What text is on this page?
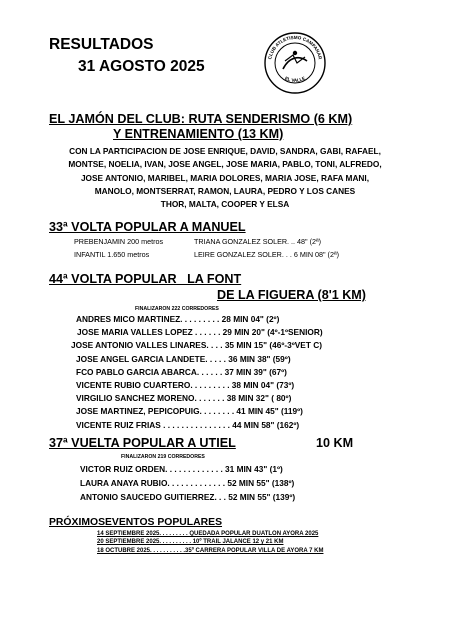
RESULTADOS
31 AGOSTO 2025
CLUB ATLETISMO CAMPANAR
EL VALLE
EL JAMÓN DEL CLUB: RUTA SENDERISMO (6 KM)
Y ENTRENAMIENTO (13 KM)
CON LA PARTICIPACION DE JOSE ENRIQUE, DAVID, SANDRA, GABI, RAFAEL,
MONTSE, NOELIA, IVAN, JOSE ANGEL, JOSE MARIA, PABLO, TONI, ALFREDO,
JOSE ANTONIO, MARIBEL, MARIA DOLORES, MARIA JOSE, RAFA MANI,
MANOLO, MONTSERRAT, RAMON, LAURA, PEDRO Y LOS CANES
THOR, MALTA, COOPER Y ELSA
33ª VOLTA POPULAR A MANUEL
PREBENJAMIN 200 metros	TRIANA GONZALEZ SOLER. .. 48" (2ª)
INFANTIL 1.650 metros	LEIRE GONZALEZ SOLER. . . 6 MIN 08" (2ª)
44ª VOLTA POPULAR   LA FONT
DE LA FIGUERA (8'1 KM)
FINALIZARON 222 CORREDORES
ANDRES MICO MARTINEZ. . . . . . . . . 28 MIN 04" (2º)
JOSE MARIA VALLES LOPEZ . . . . . . 29 MIN 20" (4º-1ºSENIOR)
JOSE ANTONIO VALLES LINARES. . . . 35 MIN 15" (46º-3ºVET C)
JOSE ANGEL GARCIA LANDETE. . . . . 36 MIN 38" (59º)
FCO PABLO GARCIA ABARCA. . . . . . 37 MIN 39" (67º)
VICENTE RUBIO CUARTERO. . . . . . . . . 38 MIN 04" (73º)
VIRGILIO SANCHEZ MORENO. . . . . . . 38 MIN 32" ( 80º)
JOSE MARTINEZ, PEPICOPUIG. . . . . . . . 41 MIN 45" (119º)
VICENTE RUIZ FRIAS . . . . . . . . . . . . . . . 44 MIN 58" (162º)
37ª VUELTA POPULAR A UTIEL	10 KM
FINALIZARON 219 CORREDORES
VICTOR RUIZ ORDEN. . . . . . . . . . . . . 31 MIN 43" (1º)
LAURA ANAYA RUBIO. . . . . . . . . . . . . 52 MIN 55" (138º)
ANTONIO SAUCEDO GUITIERREZ. . . 52 MIN 55" (139º)
PRÓXIMOSEVENTOS POPULARES
14 SEPTIEMBRE 2025. . . . . . . . . QUEDADA POPULAR DUATLON AYORA 2025
20 SEPTIEMBRE 2025. . . . . . . . . . 10º TRAIL JALANCE 12 y 21 KM
18 OCTUBRE 2025. . . . . . . . . . .35º CARRERA POPULAR VILLA DE AYORA 7 KM
